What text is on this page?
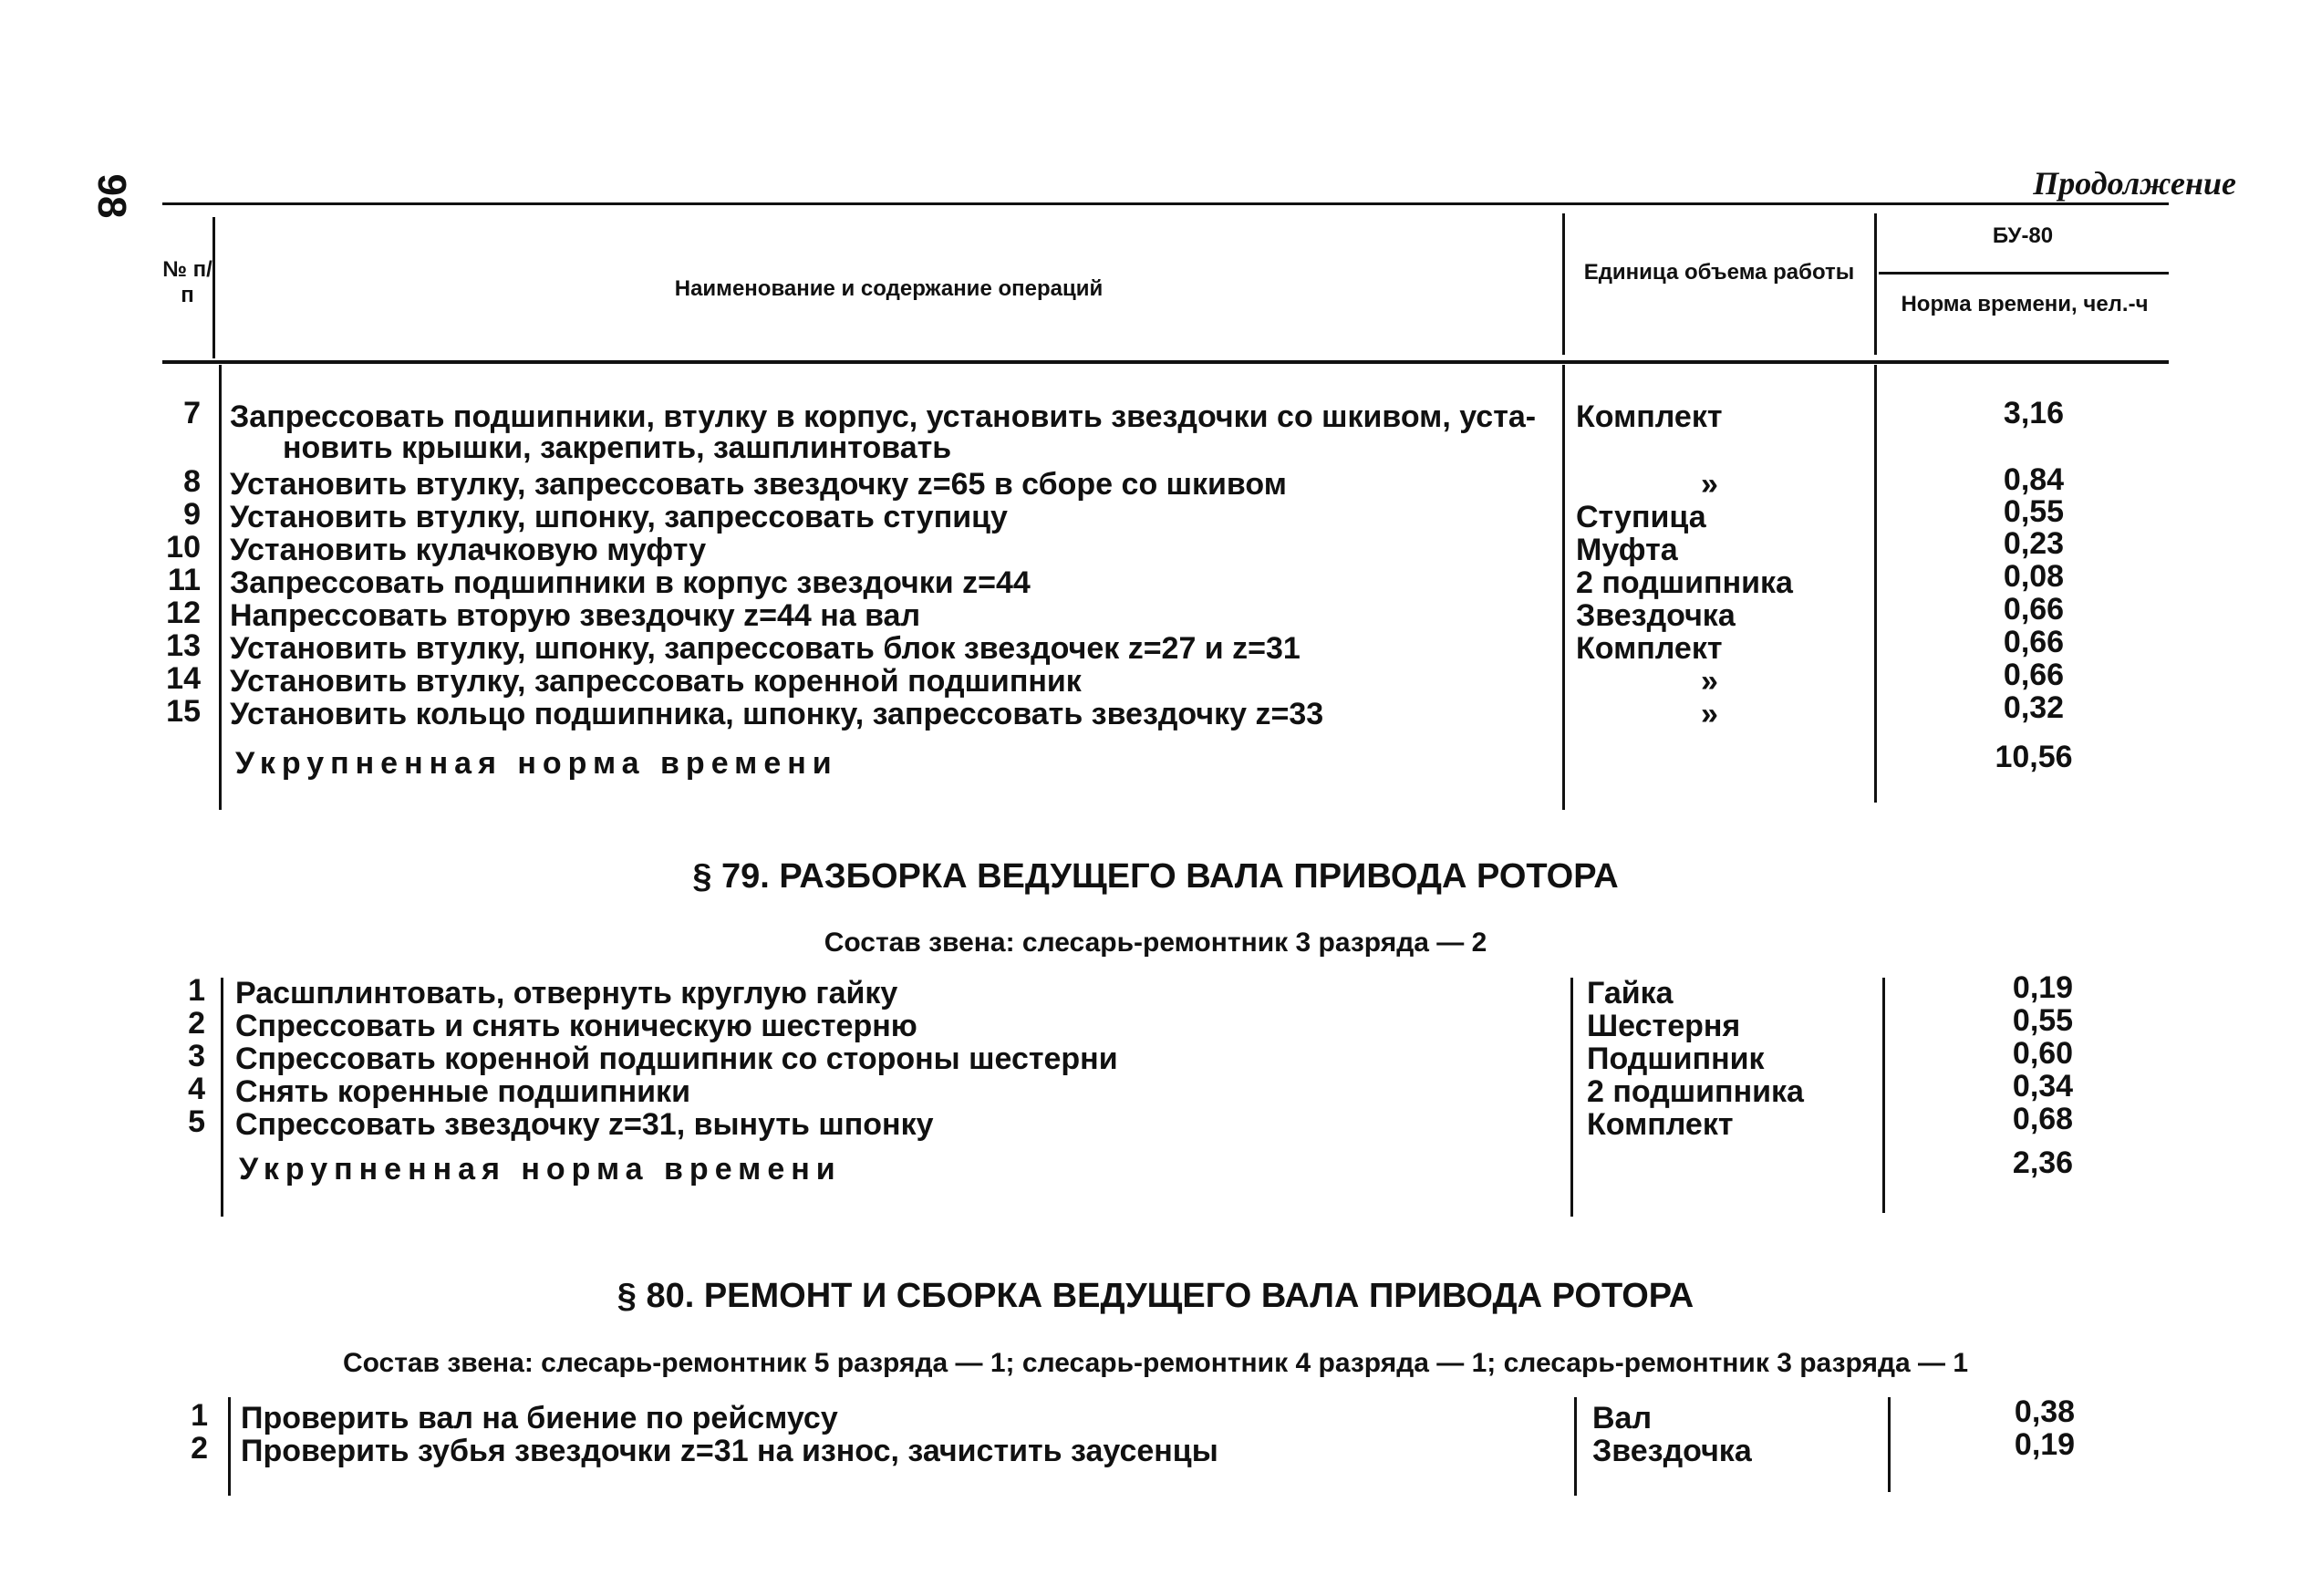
98	Продолжение
№ п/п	Наименование и содержание операций
Единица объема работы
БУ-80
Норма времени, чел.-ч
7 Запрессовать подшипники, втулку в корпус, установить звездочки со шкивом, уста-
новить крышки, закрепить, зашплинтовать
Комплект	3,16
8 Установить втулку, запрессовать звездочку z=65 в сборе со шкивом	»	0,84
9 Установить втулку, шпонку, запрессовать ступицу	Ступица	0,55
10 Установить кулачковую муфту	Муфта	0,23
11 Запрессовать подшипники в корпус звездочки z=44	2 подшипника	0,08
12 Напрессовать вторую звездочку z=44 на вал	Звездочка	0,66
13 Установить втулку, шпонку, запрессовать блок звездочек z=27 и z=31	Комплект	0,66
14 Установить втулку, запрессовать коренной подшипник	»	0,66
15 Установить кольцо подшипника, шпонку, запрессовать звездочку z=33	»	0,32
Укрупненная норма времени	10,56
§ 79. РАЗБОРКА ВЕДУЩЕГО ВАЛА ПРИВОДА РОТОРА
Состав звена: слесарь-ремонтник 3 разряда — 2
1 Расшплинтовать, отвернуть круглую гайку	Гайка	0,19
2 Спрессовать и снять коническую шестерню	Шестерня	0,55
3 Спрессовать коренной подшипник со стороны шестерни	Подшипник	0,60
4 Снять коренные подшипники	2 подшипника	0,34
5 Спрессовать звездочку z=31, вынуть шпонку	Комплект	0,68
Укрупненная норма времени	2,36
§ 80. РЕМОНТ И СБОРКА ВЕДУЩЕГО ВАЛА ПРИВОДА РОТОРА
Состав звена: слесарь-ремонтник 5 разряда — 1; слесарь-ремонтник 4 разряда — 1; слесарь-ремонтник 3 разряда — 1
1 Проверить вал на биение по рейсмусу	Вал	0,38
2 Проверить зубья звездочки z=31 на износ, зачистить заусенцы	Звездочка	0,19
